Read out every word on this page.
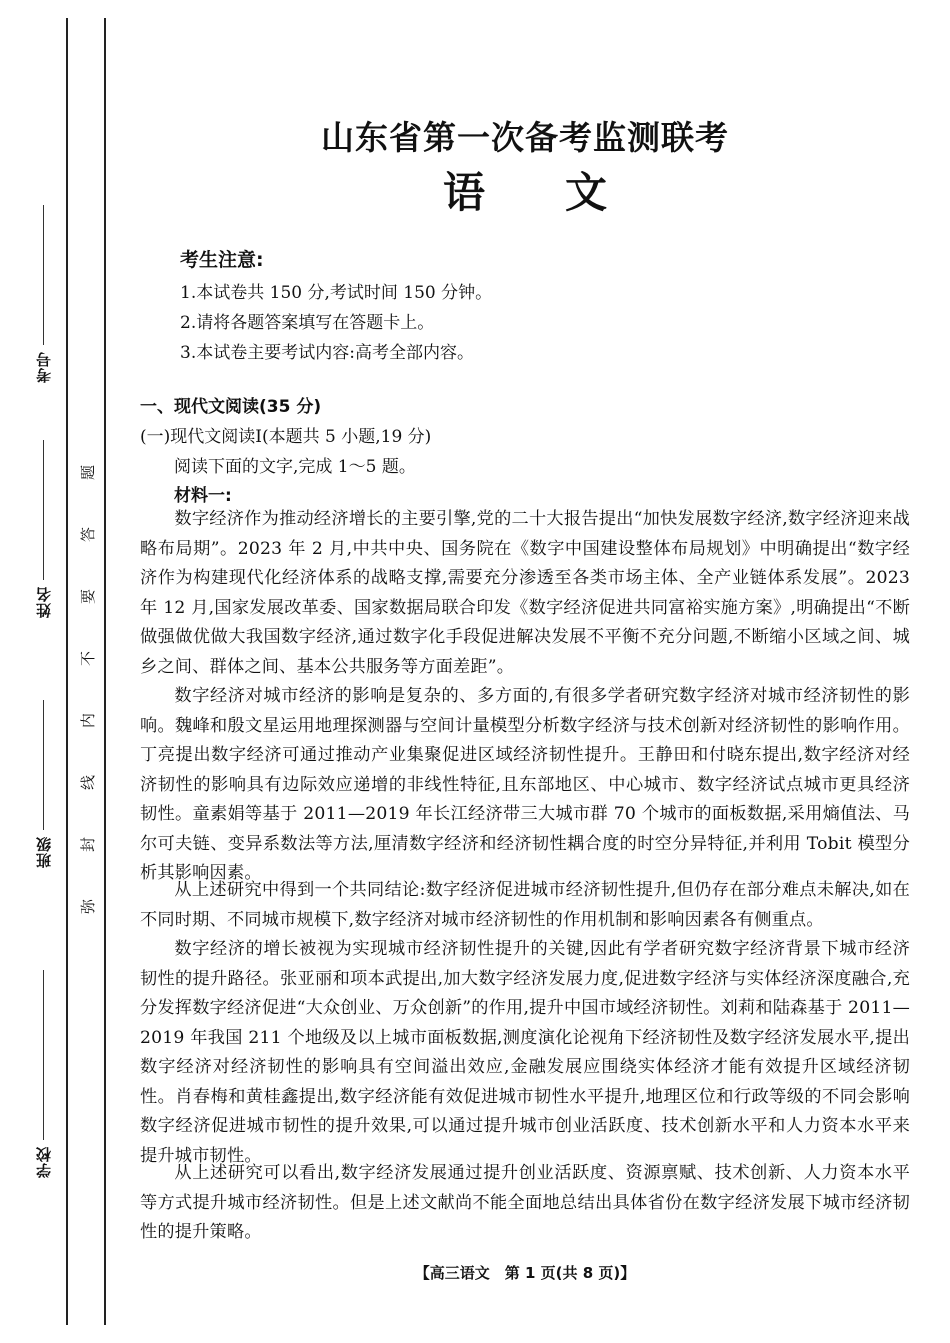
考号
姓名
班级
学校
题
答
要
不
内
线
封
弥
山东省第一次备考监测联考
语文
考生注意:
1.本试卷共 150 分,考试时间 150 分钟。
2.请将各题答案填写在答题卡上。
3.本试卷主要考试内容:高考全部内容。
一、现代文阅读(35 分)
(一)现代文阅读Ⅰ(本题共 5 小题,19 分)
阅读下面的文字,完成 1～5 题。
材料一:
数字经济作为推动经济增长的主要引擎,党的二十大报告提出“加快发展数字经济,数字经济迎来战略布局期”。2023 年 2 月,中共中央、国务院在《数字中国建设整体布局规划》中明确提出“数字经济作为构建现代化经济体系的战略支撑,需要充分渗透至各类市场主体、全产业链体系发展”。2023 年 12 月,国家发展改革委、国家数据局联合印发《数字经济促进共同富裕实施方案》,明确提出“不断做强做优做大我国数字经济,通过数字化手段促进解决发展不平衡不充分问题,不断缩小区域之间、城乡之间、群体之间、基本公共服务等方面差距”。
数字经济对城市经济的影响是复杂的、多方面的,有很多学者研究数字经济对城市经济韧性的影响。魏峰和殷文星运用地理探测器与空间计量模型分析数字经济与技术创新对经济韧性的影响作用。丁亮提出数字经济可通过推动产业集聚促进区域经济韧性提升。王静田和付晓东提出,数字经济对经济韧性的影响具有边际效应递增的非线性特征,且东部地区、中心城市、数字经济试点城市更具经济韧性。童素娟等基于 2011—2019 年长江经济带三大城市群 70 个城市的面板数据,采用熵值法、马尔可夫链、变异系数法等方法,厘清数字经济和经济韧性耦合度的时空分异特征,并利用 Tobit 模型分析其影响因素。
从上述研究中得到一个共同结论:数字经济促进城市经济韧性提升,但仍存在部分难点未解决,如在不同时期、不同城市规模下,数字经济对城市经济韧性的作用机制和影响因素各有侧重点。
数字经济的增长被视为实现城市经济韧性提升的关键,因此有学者研究数字经济背景下城市经济韧性的提升路径。张亚丽和项本武提出,加大数字经济发展力度,促进数字经济与实体经济深度融合,充分发挥数字经济促进“大众创业、万众创新”的作用,提升中国市域经济韧性。刘莉和陆森基于 2011—2019 年我国 211 个地级及以上城市面板数据,测度演化论视角下经济韧性及数字经济发展水平,提出数字经济对经济韧性的影响具有空间溢出效应,金融发展应围绕实体经济才能有效提升区域经济韧性。肖春梅和黄桂鑫提出,数字经济能有效促进城市韧性水平提升,地理区位和行政等级的不同会影响数字经济促进城市韧性的提升效果,可以通过提升城市创业活跃度、技术创新水平和人力资本水平来提升城市韧性。
从上述研究可以看出,数字经济发展通过提升创业活跃度、资源禀赋、技术创新、人力资本水平等方式提升城市经济韧性。但是上述文献尚不能全面地总结出具体省份在数字经济发展下城市经济韧性的提升策略。
【高三语文　第 1 页(共 8 页)】
